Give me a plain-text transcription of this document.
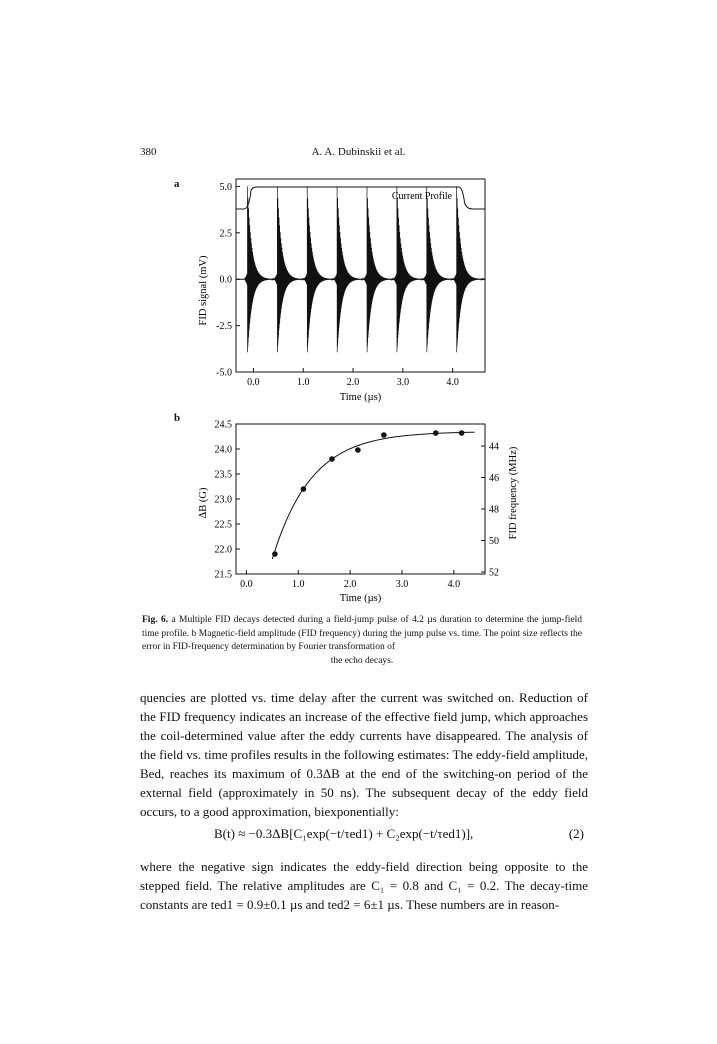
380	A. A. Dubinskii et al.
a
b
Current Profile
0.0	1.0	2.0	3.0	4.0
5.0
2.5
0.0
-2.5
-5.0
Time (µs)
FID signal (mV)
0.0	1.0	2.0	3.0	4.0
24.5
24.0
23.5
23.0
22.5
22.0
21.5
44
46
48
50
52
Time (µs)
ΔB (G)	FID frequency (MHz)
Fig. 6. a Multiple FID decays detected during a field-jump pulse of 4.2 µs duration to determine the jump-field time profile. b Magnetic-field amplitude (FID frequency) during the jump pulse vs. time. The point size reflects the error in FID-frequency determination by Fourier transformation of
the echo decays.
quencies are plotted vs. time delay after the current was switched on. Reduction of the FID frequency indicates an increase of the effective field jump, which approaches the coil-determined value after the eddy currents have disappeared. The analysis of the field vs. time profiles results in the following estimates: The eddy-field amplitude, Bed, reaches its maximum of 0.3ΔB at the end of the switching-on period of the external field (approximately in 50 ns). The subsequent decay of the eddy field occurs, to a good approximation, biexponentially:
B(t) ≈ −0.3ΔB[C₁exp(−t/τed1) + C₂exp(−t/τed1)],	(2)
where the negative sign indicates the eddy-field direction being opposite to the stepped field. The relative amplitudes are C₁ = 0.8 and C₁ = 0.2. The decay-time constants are ted1 = 0.9±0.1 µs and ted2 = 6±1 µs. These numbers are in reason-
